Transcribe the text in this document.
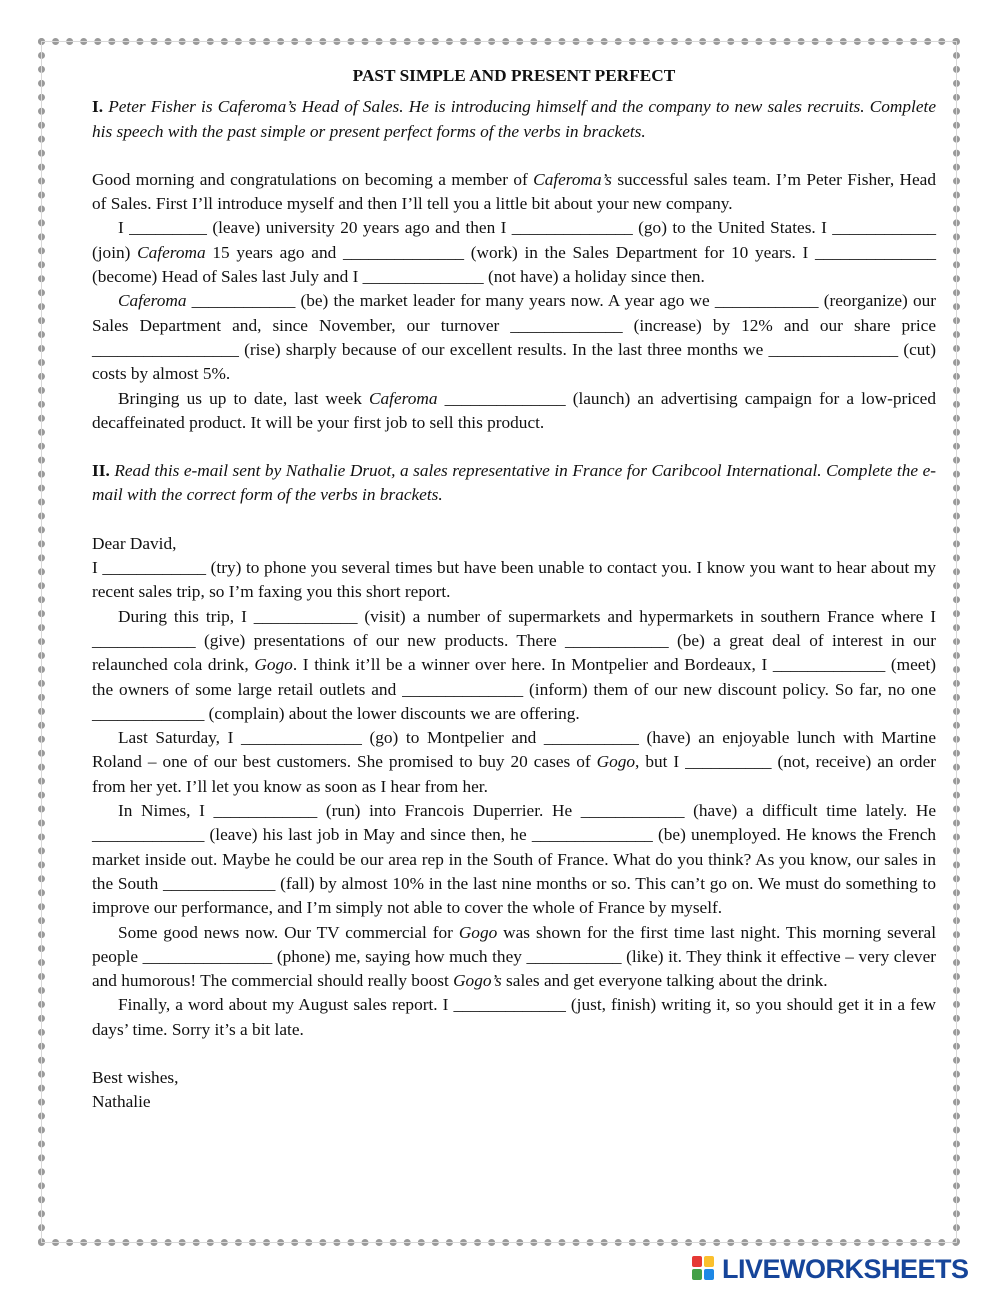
PAST SIMPLE AND PRESENT PERFECT

I. Peter Fisher is Caferoma’s Head of Sales. He is introducing himself and the company to new sales recruits. Complete his speech with the past simple or present perfect forms of the verbs in brackets.

Good morning and congratulations on becoming a member of Caferoma’s successful sales team. I’m Peter Fisher, Head of Sales. First I’ll introduce myself and then I’ll tell you a little bit about your new company.

I _________ (leave) university 20 years ago and then I ______________ (go) to the United States. I ____________ (join) Caferoma 15 years ago and ______________ (work) in the Sales Department for 10 years. I ______________ (become) Head of Sales last July and I ______________ (not have) a holiday since then.

Caferoma ____________ (be) the market leader for many years now. A year ago we ____________ (reorganize) our Sales Department and, since November, our turnover _____________ (increase) by 12% and our share price _________________ (rise) sharply because of our excellent results. In the last three months we _______________ (cut) costs by almost 5%.

Bringing us up to date, last week Caferoma ______________ (launch) an advertising campaign for a low-priced decaffeinated product. It will be your first job to sell this product.

II. Read this e-mail sent by Nathalie Druot, a sales representative in France for Caribcool International. Complete the e-mail with the correct form of the verbs in brackets.

Dear David,

I ____________ (try) to phone you several times but have been unable to contact you. I know you want to hear about my recent sales trip, so I’m faxing you this short report.

During this trip, I ____________ (visit) a number of supermarkets and hypermarkets in southern France where I ____________ (give) presentations of our new products. There ____________ (be) a great deal of interest in our relaunched cola drink, Gogo. I think it’ll be a winner over here. In Montpelier and Bordeaux, I _____________ (meet) the owners of some large retail outlets and ______________ (inform) them of our new discount policy. So far, no one _____________ (complain) about the lower discounts we are offering.

Last Saturday, I ______________ (go) to Montpelier and ___________ (have) an enjoyable lunch with Martine Roland – one of our best customers. She promised to buy 20 cases of Gogo, but I __________ (not, receive) an order from her yet. I’ll let you know as soon as I hear from her.

In Nimes, I ____________ (run) into Francois Duperrier. He ____________ (have) a difficult time lately. He _____________ (leave) his last job in May and since then, he ______________ (be) unemployed. He knows the French market inside out. Maybe he could be our area rep in the South of France. What do you think? As you know, our sales in the South _____________ (fall) by almost 10% in the last nine months or so. This can’t go on. We must do something to improve our performance, and I’m simply not able to cover the whole of France by myself.

Some good news now. Our TV commercial for Gogo was shown for the first time last night. This morning several people _______________ (phone) me, saying how much they ___________ (like) it. They think it effective – very clever and humorous! The commercial should really boost Gogo’s sales and get everyone talking about the drink.

Finally, a word about my August sales report. I _____________ (just, finish) writing it, so you should get it in a few days’ time. Sorry it’s a bit late.

Best wishes,

Nathalie

LIVEWORKSHEETS
